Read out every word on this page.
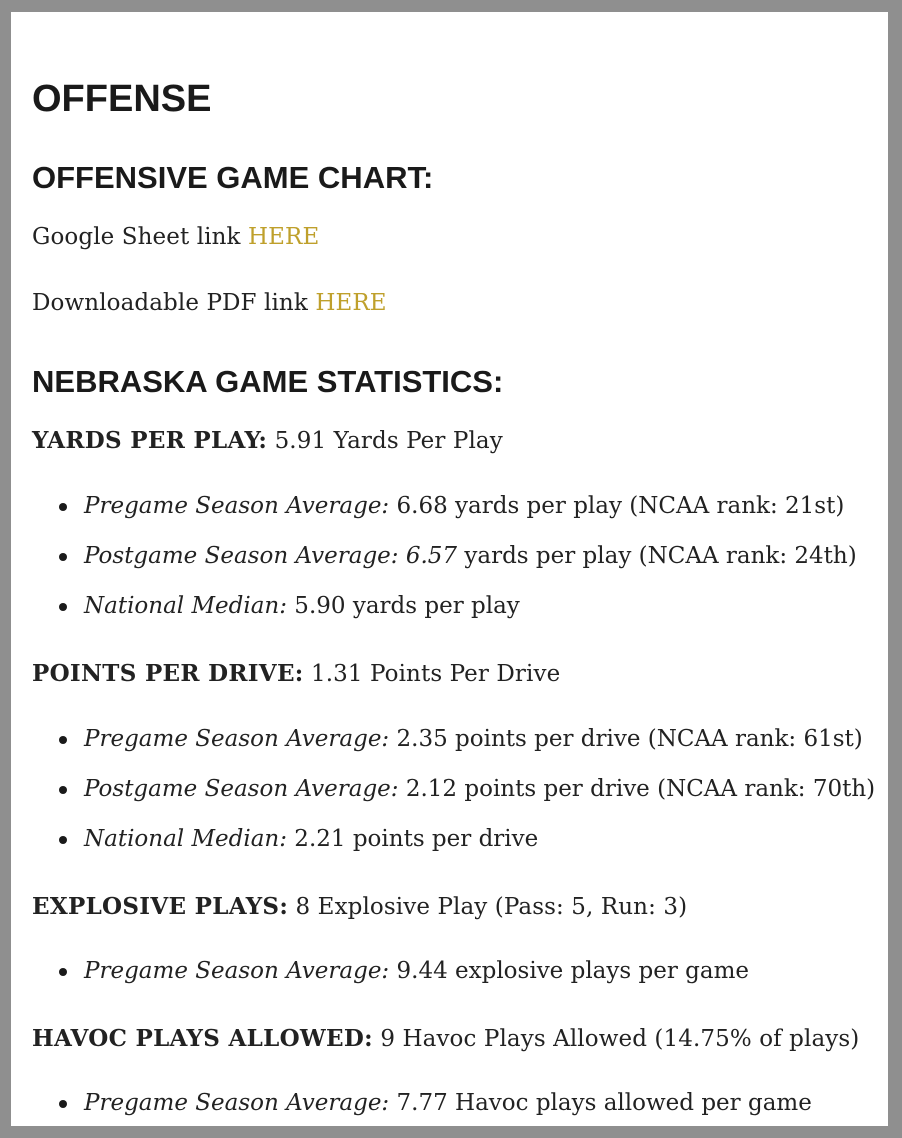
OFFENSE
OFFENSIVE GAME CHART:

Google Sheet link HERE

Downloadable PDF link HERE

NEBRASKA GAME STATISTICS:

YARDS PER PLAY: 5.91 Yards Per Play

Pregame Season Average: 6.68 yards per play (NCAA rank: 21st)
Postgame Season Average: 6.57 yards per play (NCAA rank: 24th)
National Median: 5.90 yards per play

POINTS PER DRIVE: 1.31 Points Per Drive

Pregame Season Average: 2.35 points per drive (NCAA rank: 61st)
Postgame Season Average: 2.12 points per drive (NCAA rank: 70th)
National Median: 2.21 points per drive

EXPLOSIVE PLAYS: 8 Explosive Play (Pass: 5, Run: 3)

Pregame Season Average: 9.44 explosive plays per game

HAVOC PLAYS ALLOWED: 9 Havoc Plays Allowed (14.75% of plays)

Pregame Season Average: 7.77 Havoc plays allowed per game
